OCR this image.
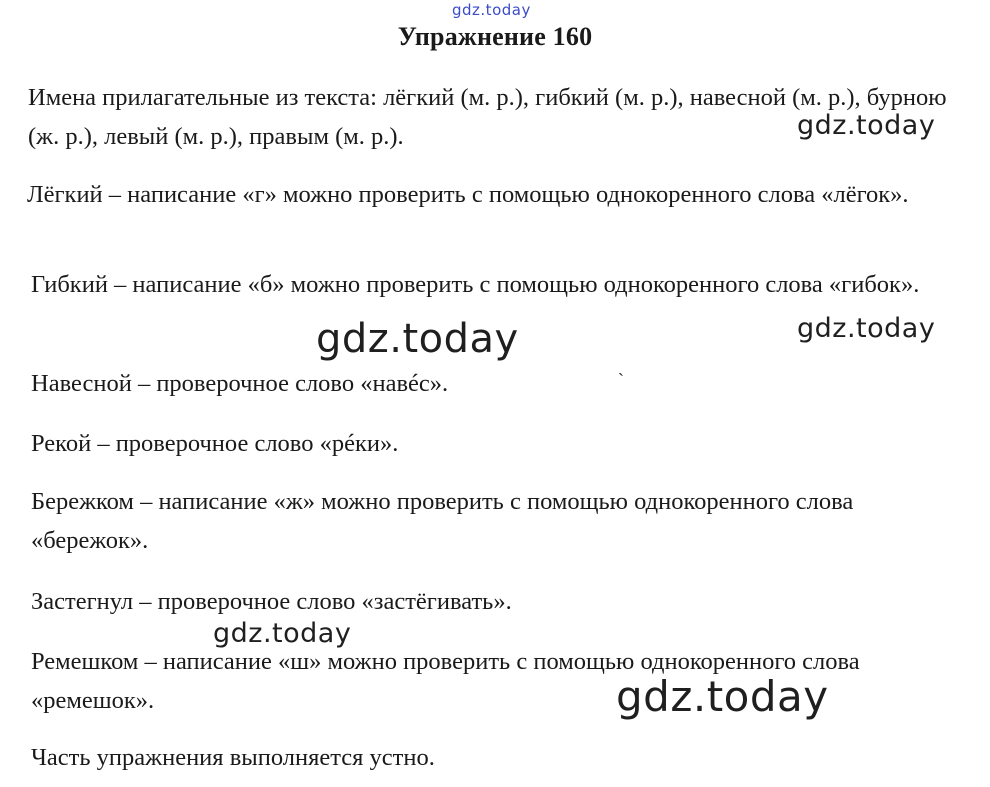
gdz.today
Упражнение 160

Имена прилагательные из текста: лёгкий (м. р.), гибкий (м. р.), навесной (м. р.), бурною (ж. р.), левый (м. р.), правым (м. р.).

Лёгкий – написание «г» можно проверить с помощью однокоренного слова «лёгок».

Гибкий – написание «б» можно проверить с помощью однокоренного слова «гибок».

Навесной – проверочное слово «навéс».

Рекой – проверочное слово «рéки».

Бережком – написание «ж» можно проверить с помощью однокоренного слова «бережок».

Застегнул – проверочное слово «застёгивать».

Ремешком – написание «ш» можно проверить с помощью однокоренного слова «ремешок».

Часть упражнения выполняется устно.

gdz.today
gdz.today	gdz.today
gdz.today
gdz.today
`
